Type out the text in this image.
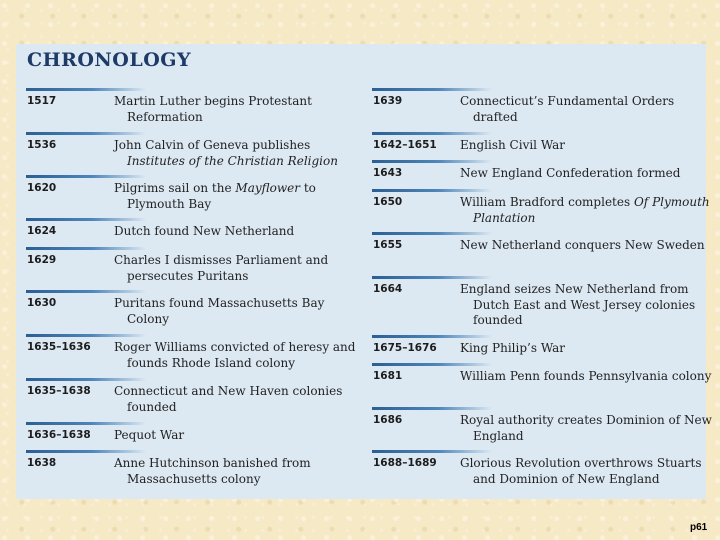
CHRONOLOGY
1517	Martin Luther begins Protestant Reformation
1536	John Calvin of Geneva publishes Institutes of the Christian Religion
1620	Pilgrims sail on the Mayflower to Plymouth Bay
1624	Dutch found New Netherland
1629	Charles I dismisses Parliament and persecutes Puritans
1630	Puritans found Massachusetts Bay Colony
1635–1636 Roger Williams convicted of heresy and founds Rhode Island colony
1635–1638 Connecticut and New Haven colonies founded
1636–1638 Pequot War
1638	Anne Hutchinson banished from Massachusetts colony
1639	Connecticut’s Fundamental Orders drafted
1642–1651 English Civil War
1643	New England Confederation formed
1650	William Bradford completes Of Plymouth Plantation
1655	New Netherland conquers New Sweden
1664	England seizes New Netherland from Dutch East and West Jersey colonies founded
1675–1676 King Philip’s War
1681	William Penn founds Pennsylvania colony
1686	Royal authority creates Dominion of New England
1688–1689 Glorious Revolution overthrows Stuarts and Dominion of New England
p61
